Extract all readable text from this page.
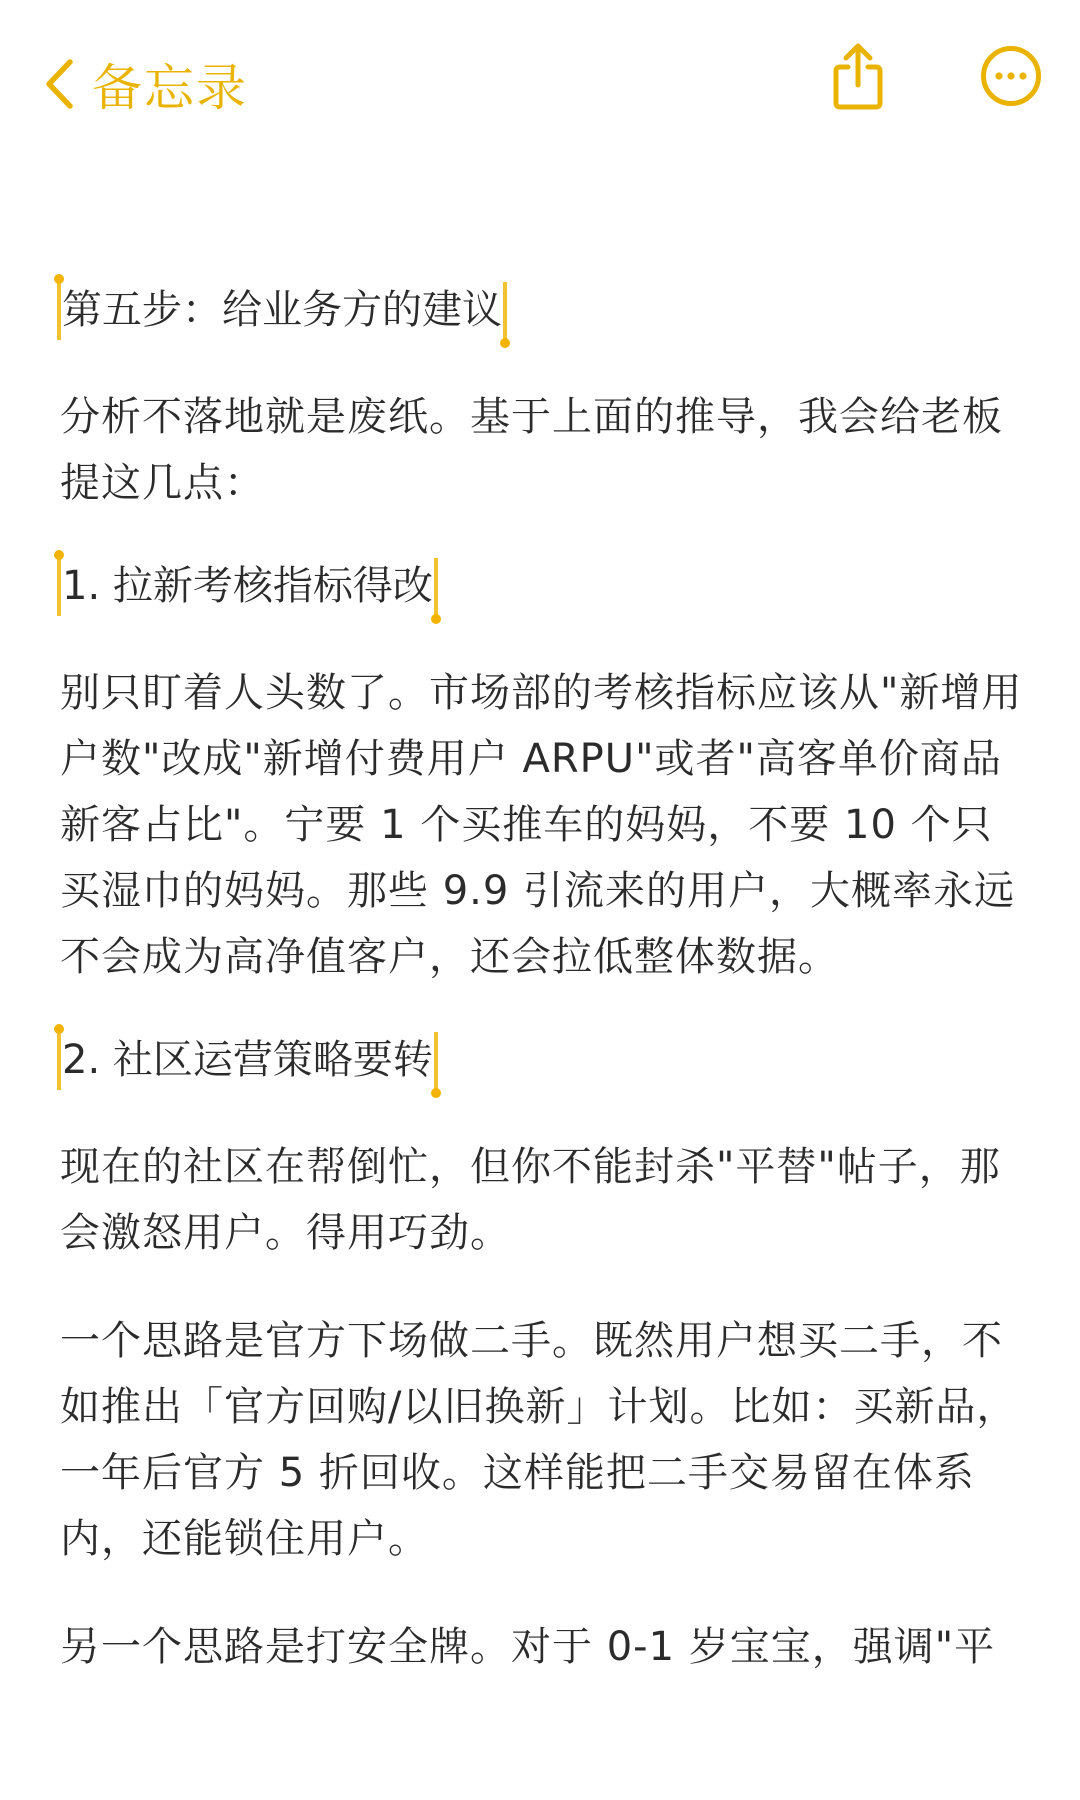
备忘录
第五步：给业务方的建议

分析不落地就是废纸。基于上面的推导，我会给老板提这几点：

1. 拉新考核指标得改

别只盯着人头数了。市场部的考核指标应该从"新增用户数"改成"新增付费用户 ARPU"或者"高客单价商品新客占比"。宁要 1 个买推车的妈妈，不要 10 个只买湿巾的妈妈。那些 9.9 引流来的用户，大概率永远不会成为高净值客户，还会拉低整体数据。

2. 社区运营策略要转

现在的社区在帮倒忙，但你不能封杀"平替"帖子，那会激怒用户。得用巧劲。

一个思路是官方下场做二手。既然用户想买二手，不如推出「官方回购/以旧换新」计划。比如：买新品，一年后官方 5 折回收。这样能把二手交易留在体系内，还能锁住用户。

另一个思路是打安全牌。对于 0-1 岁宝宝，强调"平
